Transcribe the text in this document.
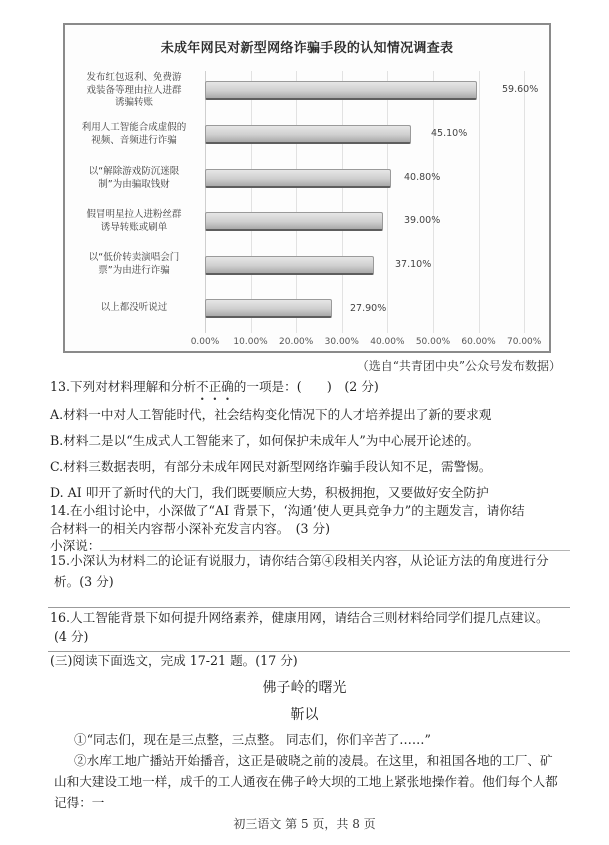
未成年网民对新型网络诈骗手段的认知情况调查表
发布红包返利、免费游
戏装备等理由拉人进群
诱骗转账
利用人工智能合成虚假的
视频、音频进行诈骗
以“解除游戏防沉迷限
制”为由骗取钱财
假冒明星拉人进粉丝群
诱导转账或刷单
以“低价转卖演唱会门
票”为由进行诈骗
以上都没听说过
59.60%
45.10%
40.80%
39.00%
37.10%
27.90%
0.00%	10.00%	20.00%	30.00%	40.00%	50.00%	60.00%	70.00%
（选自“共青团中央”公众号发布数据）
13.下列对材料理解和分析不正确的一项是：(　　)　(2 分)
A.材料一中对人工智能时代，社会结构变化情况下的人才培养提出了新的要求观
B.材料二是以“生成式人工智能来了，如何保护未成年人”为中心展开论述的。
C.材料三数据表明，有部分未成年网民对新型网络诈骗手段认知不足，需警惕。
D. AI 叩开了新时代的大门，我们既要顺应大势，积极拥抱，又要做好安全防护
14.在小组讨论中，小深做了“AI 背景下，‘沟通’使人更具竞争力”的主题发言，请你结
合材料一的相关内容帮小深补充发言内容。　(3 分)
小深说：
15.小深认为材料二的论证有说服力，请你结合第④段相关内容，从论证方法的角度进行分
析。(3 分)
16.人工智能背景下如何提升网络素养，健康用网，请结合三则材料给同学们提几点建议。
(4 分)
(三)阅读下面选文，完成 17-21 题。(17 分)
佛子岭的曙光
靳以
①“同志们，现在是三点整，三点整。 同志们，你们辛苦了……”
②水库工地广播站开始播音，这正是破晓之前的凌晨。在这里，和祖国各地的工厂、矿
山和大建设工地一样，成千的工人通夜在佛子岭大坝的工地上紧张地操作着。他们每个人都
记得：一
初三语文 第 5 页，共 8 页
